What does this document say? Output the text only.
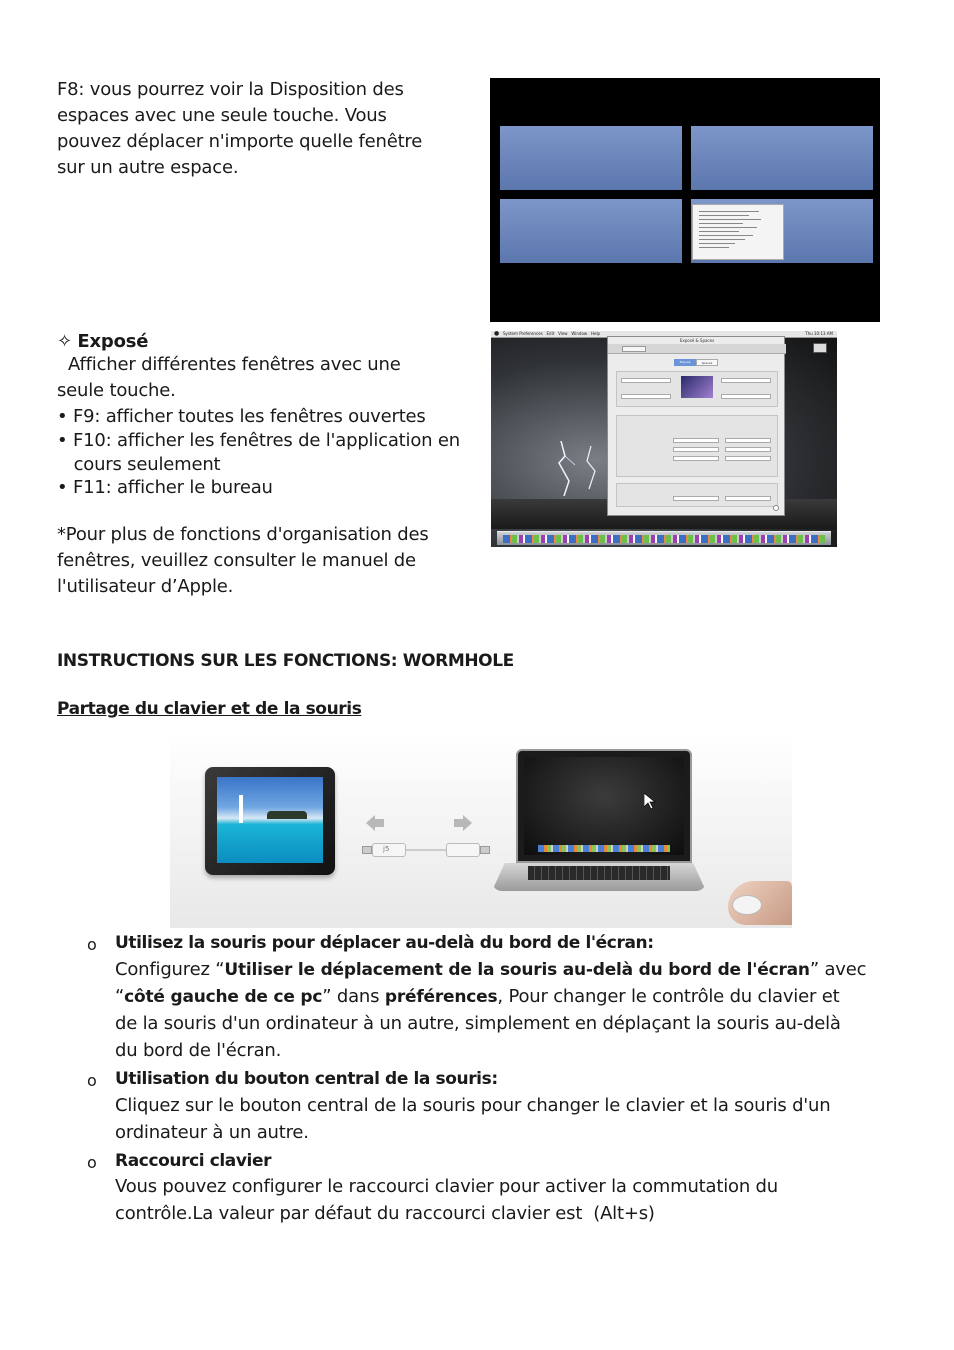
F8: vous pourrez voir la Disposition des
espaces avec une seule touche. Vous
pouvez déplacer n'importe quelle fenêtre
sur un autre espace.
✧ Exposé
Afficher différentes fenêtres avec une
seule touche.
• F9: afficher toutes les fenêtres ouvertes
• F10: afficher les fenêtres de l'application en
cours seulement
• F11: afficher le bureau
*Pour plus de fonctions d'organisation des
fenêtres, veuillez consulter le manuel de
l'utilisateur d’Apple.
● System Preferences   Edit   View   Window   Help	Thu 10:13 AM
Exposé & Spaces
Exposé	Spaces
INSTRUCTIONS SUR LES FONCTIONS: WORMHOLE
Partage du clavier et de la souris
j5
o Utilisez la souris pour déplacer au-delà du bord de l'écran:
Configurez “Utiliser le déplacement de la souris au-delà du bord de l'écran” avec
“côté gauche de ce pc” dans préférences, Pour changer le contrôle du clavier et
de la souris d'un ordinateur à un autre, simplement en déplaçant la souris au-delà
du bord de l'écran.
o Utilisation du bouton central de la souris:
Cliquez sur le bouton central de la souris pour changer le clavier et la souris d'un
ordinateur à un autre.
o Raccourci clavier
Vous pouvez configurer le raccourci clavier pour activer la commutation du
contrôle.La valeur par défaut du raccourci clavier est  (Alt+s)
